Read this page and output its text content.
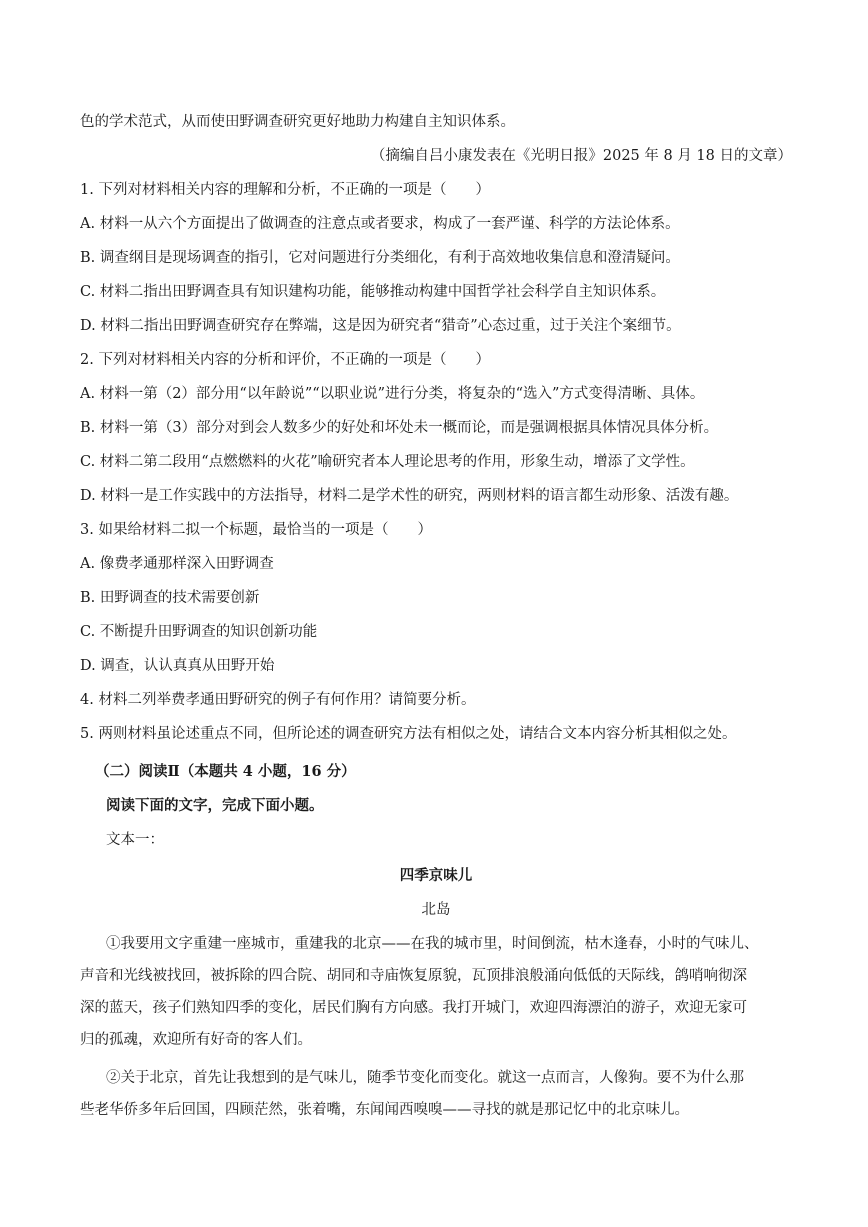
色的学术范式，从而使田野调查研究更好地助力构建自主知识体系。
（摘编自吕小康发表在《光明日报》2025 年 8 月 18 日的文章）
1. 下列对材料相关内容的理解和分析，不正确的一项是（　　）
A. 材料一从六个方面提出了做调查的注意点或者要求，构成了一套严谨、科学的方法论体系。
B. 调查纲目是现场调查的指引，它对问题进行分类细化，有利于高效地收集信息和澄清疑问。
C. 材料二指出田野调查具有知识建构功能，能够推动构建中国哲学社会科学自主知识体系。
D. 材料二指出田野调查研究存在弊端，这是因为研究者“猎奇”心态过重，过于关注个案细节。
2. 下列对材料相关内容的分析和评价，不正确的一项是（　　）
A. 材料一第（2）部分用“以年龄说”“以职业说”进行分类，将复杂的“选入”方式变得清晰、具体。
B. 材料一第（3）部分对到会人数多少的好处和坏处未一概而论，而是强调根据具体情况具体分析。
C. 材料二第二段用“点燃燃料的火花”喻研究者本人理论思考的作用，形象生动，增添了文学性。
D. 材料一是工作实践中的方法指导，材料二是学术性的研究，两则材料的语言都生动形象、活泼有趣。
3. 如果给材料二拟一个标题，最恰当的一项是（　　）
A. 像费孝通那样深入田野调查
B. 田野调查的技术需要创新
C. 不断提升田野调查的知识创新功能
D. 调查，认认真真从田野开始
4. 材料二列举费孝通田野研究的例子有何作用？请简要分析。
5. 两则材料虽论述重点不同，但所论述的调查研究方法有相似之处，请结合文本内容分析其相似之处。
（二）阅读Ⅱ（本题共 4 小题，16 分）
阅读下面的文字，完成下面小题。
文本一：
四季京味儿
北岛
①我要用文字重建一座城市，重建我的北京——在我的城市里，时间倒流，枯木逢春，小时的气味儿、
声音和光线被找回，被拆除的四合院、胡同和寺庙恢复原貌，瓦顶排浪般涌向低低的天际线，鸽哨响彻深
深的蓝天，孩子们熟知四季的变化，居民们胸有方向感。我打开城门，欢迎四海漂泊的游子，欢迎无家可
归的孤魂，欢迎所有好奇的客人们。
②关于北京，首先让我想到的是气味儿，随季节变化而变化。就这一点而言，人像狗。要不为什么那
些老华侨多年后回国，四顾茫然，张着嘴，东闻闻西嗅嗅——寻找的就是那记忆中的北京味儿。
